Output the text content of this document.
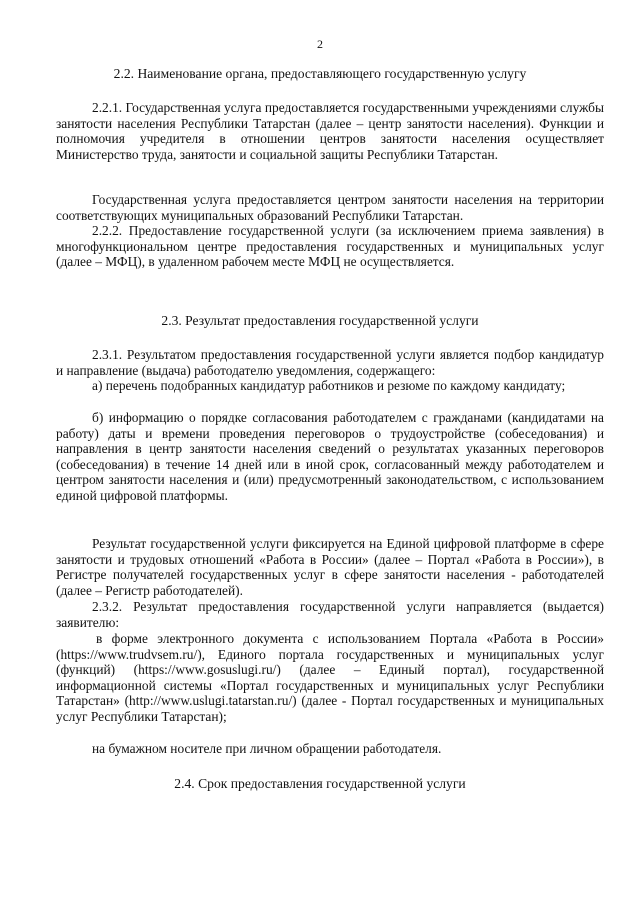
2
2.2. Наименование органа, предоставляющего государственную услугу
2.2.1. Государственная услуга предоставляется государственными учреждениями службы занятости населения Республики Татарстан (далее – центр занятости населения). Функции и полномочия учредителя в отношении центров занятости населения осуществляет Министерство труда, занятости и социальной защиты Республики Татарстан.
Государственная услуга предоставляется центром занятости населения на территории соответствующих муниципальных образований Республики Татарстан.
2.2.2. Предоставление государственной услуги (за исключением приема заявления) в многофункциональном центре предоставления государственных и муниципальных услуг (далее – МФЦ), в удаленном рабочем месте МФЦ не осуществляется.
2.3. Результат предоставления государственной услуги
2.3.1. Результатом предоставления государственной услуги является подбор кандидатур и направление (выдача) работодателю уведомления, содержащего:
а) перечень подобранных кандидатур работников и резюме по каждому кандидату;
б) информацию о порядке согласования работодателем с гражданами (кандидатами на работу) даты и времени проведения переговоров о трудоустройстве (собеседования) и направления в центр занятости населения сведений о результатах указанных переговоров (собеседования) в течение 14 дней или в иной срок, согласованный между работодателем и центром занятости населения и (или) предусмотренный законодательством, с использованием единой цифровой платформы.
Результат государственной услуги фиксируется на Единой цифровой платформе в сфере занятости и трудовых отношений «Работа в России» (далее – Портал «Работа в России»), в Регистре получателей государственных услуг в сфере занятости населения - работодателей (далее – Регистр работодателей).
2.3.2. Результат предоставления государственной услуги направляется (выдается) заявителю:
в форме электронного документа с использованием Портала «Работа в России» (https://www.trudvsem.ru/), Единого портала государственных и муниципальных услуг (функций) (https://www.gosuslugi.ru/) (далее – Единый портал), государственной информационной системы «Портал государственных и муниципальных услуг Республики Татарстан» (http://www.uslugi.tatarstan.ru/) (далее - Портал государственных и муниципальных услуг Республики Татарстан);
на бумажном носителе при личном обращении работодателя.
2.4. Срок предоставления государственной услуги
